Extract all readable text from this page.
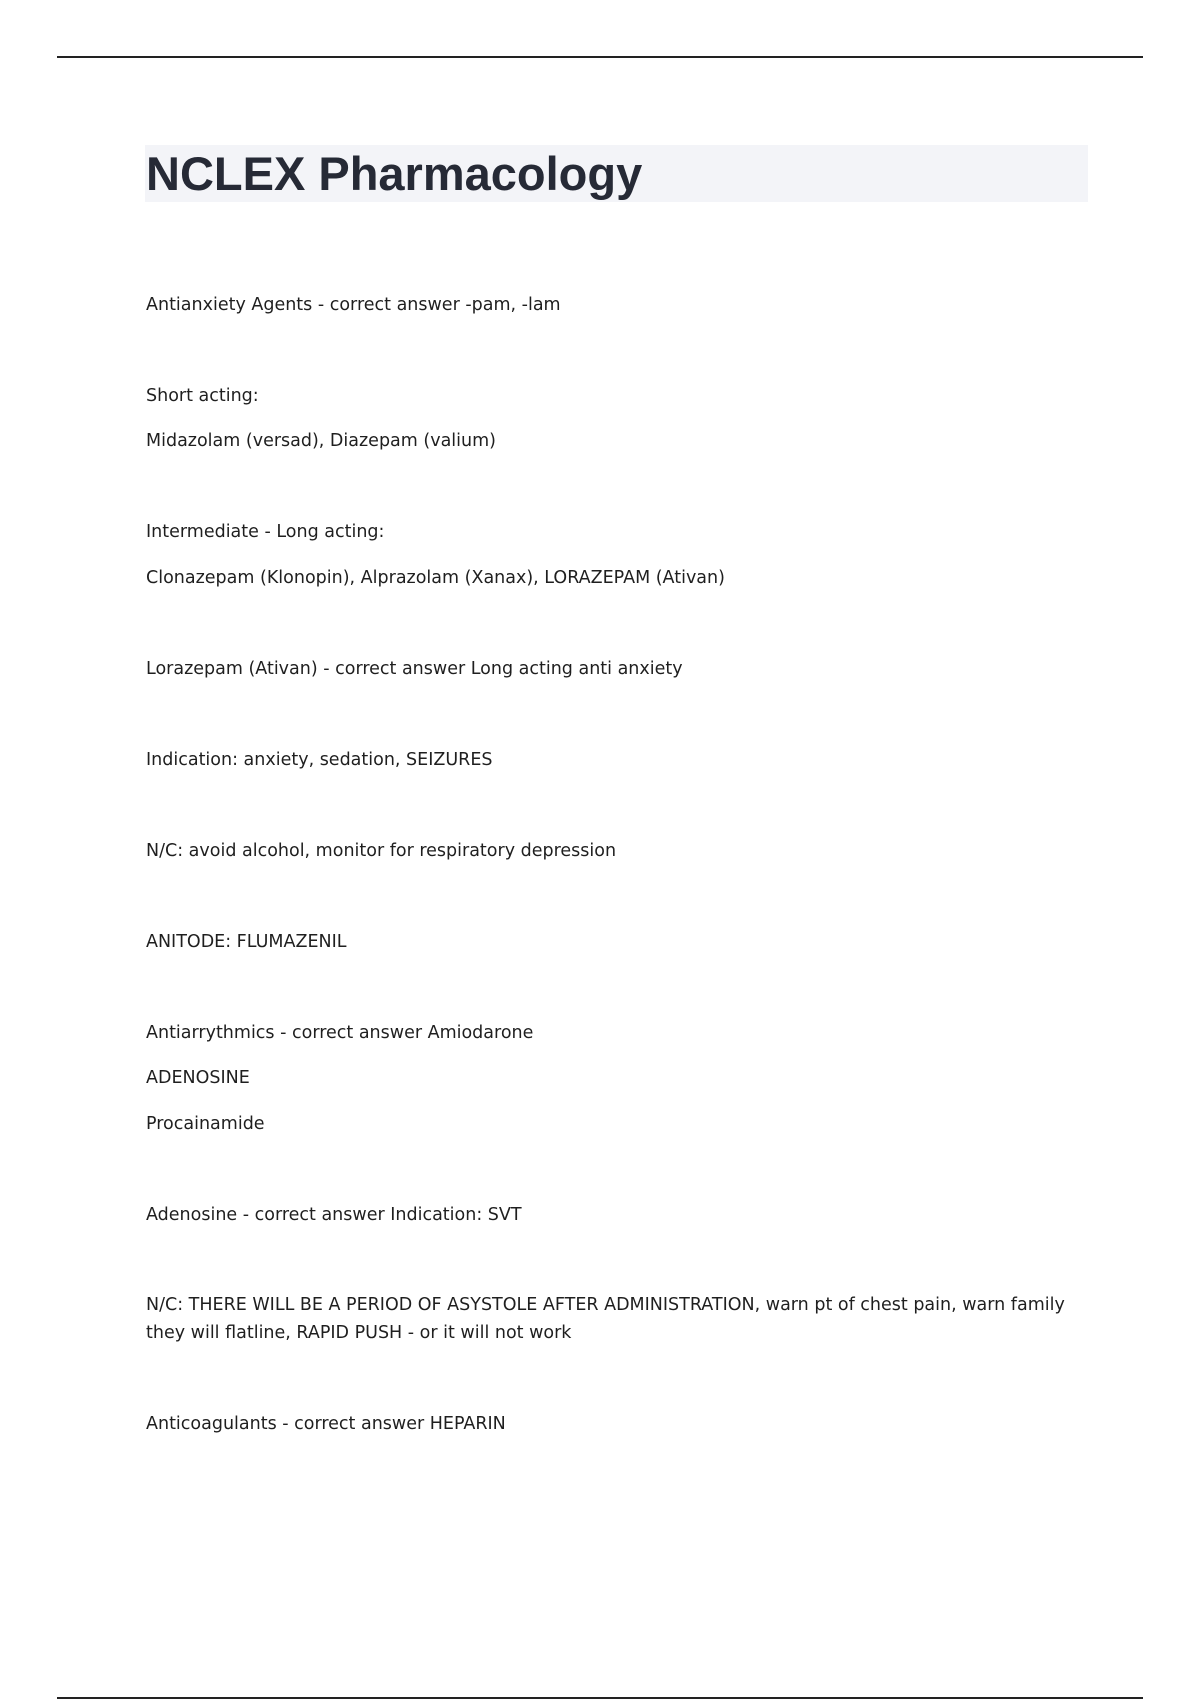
NCLEX Pharmacology

Antianxiety Agents - correct answer -pam, -lam

Short acting:

Midazolam (versad), Diazepam (valium)

Intermediate - Long acting:

Clonazepam (Klonopin), Alprazolam (Xanax), LORAZEPAM (Ativan)

Lorazepam (Ativan) - correct answer Long acting anti anxiety

Indication: anxiety, sedation, SEIZURES

N/C: avoid alcohol, monitor for respiratory depression

ANITODE: FLUMAZENIL

Antiarrythmics - correct answer Amiodarone

ADENOSINE

Procainamide

Adenosine - correct answer Indication: SVT

N/C: THERE WILL BE A PERIOD OF ASYSTOLE AFTER ADMINISTRATION, warn pt of chest pain, warn family they will flatline, RAPID PUSH - or it will not work

Anticoagulants - correct answer HEPARIN
